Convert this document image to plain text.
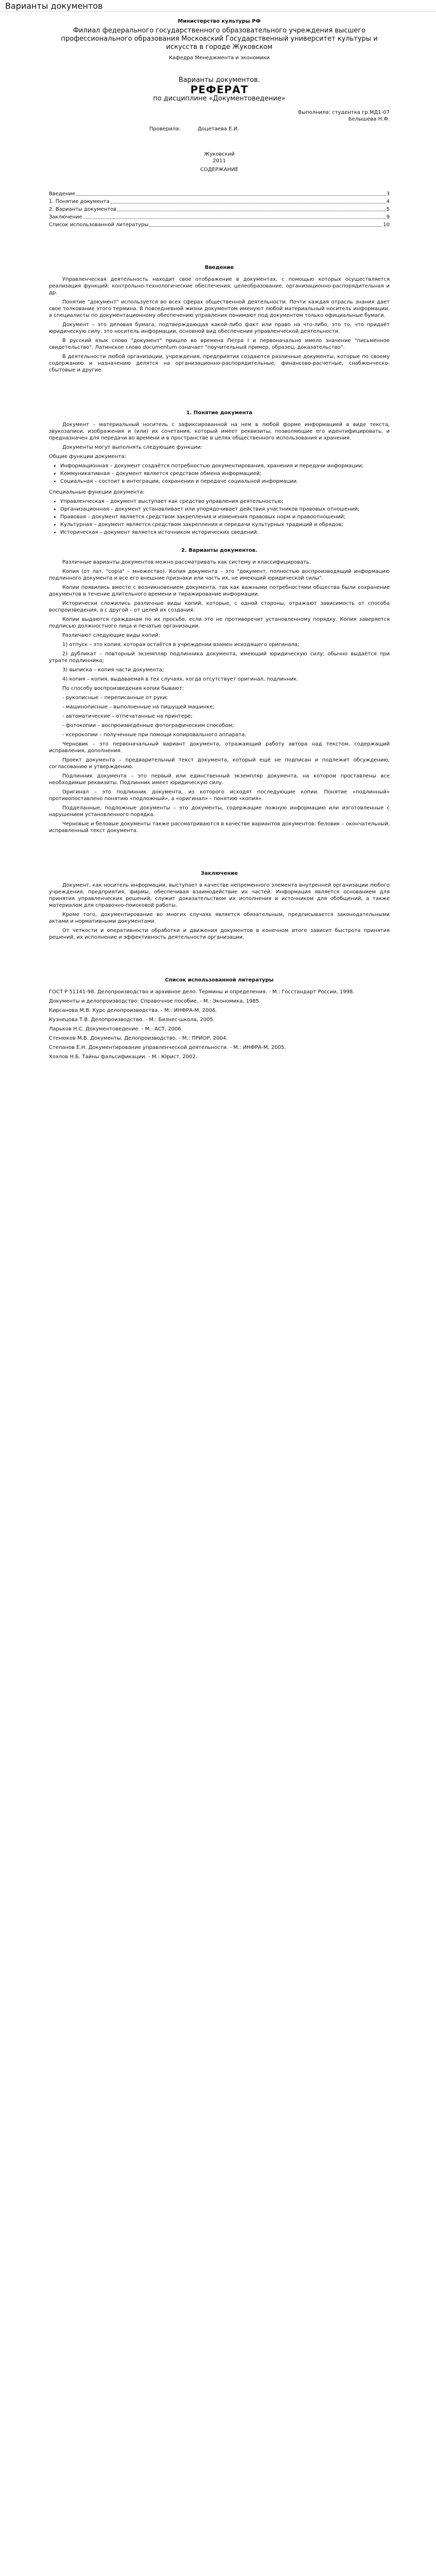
Варианты документов
Министерство культуры РФ
Филиал федерального государственного образовательного учреждения высшего профессионального образования Московский Государственный университет культуры и искусств в городе Жуковском
Кафедра Менеджмента и экономики
Варианты документов.
РЕФЕРАТ
по дисциплине «Документоведение»
Выполнила: студентка гр.МД1-07
Белышева Н.Ф.
Проверила:	Доцетаева Е.И.
Жуковский
2011
СОДЕРЖАНИЕ
Введение	3
1. Понятие документа	4
2. Варианты документов	5
Заключение	9
Список использованной литературы	10
Введение

Управленческая деятельность находит свое отображение в документах, с помощью которых осуществляется реализация функций: контрольно-технологические обеспечения, целеобразование, организационно-распорядительная и др.

Понятие "документ" используется во всех сферах общественной деятельности. Почти каждая отрасль знания дает свое толкование этого термина. В повседневной жизни документом именуют любой материальный носитель информации, а специалисты по документационному обеспечению управления понимают под документом только официальные бумаги.

Документ – это деловая бумага, подтверждающая какой-либо факт или право на что-либо, это то, что придаёт юридическую силу, это носитель информации, основной вид обеспечения управленческой деятельности.

В русский язык слово "документ" пришло во времена Петра I и первоначально имело значение "письменное свидетельство". Латинское слово documentum означает "поучительный пример, образец, доказательство".

В деятельности любой организации, учреждения, предприятия создаются различные документы, которые по своему содержанию и назначению делятся на организационно-распорядительные, финансово-расчетные, снабженческо-сбытовые и другие.

1. Понятие документа

Документ – материальный носитель с зафиксированной на нем в любой форме информацией в виде текста, звукозаписи, изображения и (или) их сочетания, который имеет реквизиты, позволяющие его идентифицировать, и предназначен для передачи во времени и в пространстве в целях общественного использования и хранения.

Документы могут выполнять следующие функции:

Общие функции документа:

• Информационная – документ создаётся потребностью документирования, хранения и передачи информации;
• Коммуникативная – документ является средством обмена информацией;
• Социальная – состоит в интеграции, сохранении и передаче социальной информации.

Специальные функции документа:

• Управленческая – документ выступает как средство управления деятельностью;
• Организационная – документ устанавливает или упорядочивает действия участников правовых отношений;
• Правовая – документ является средством закрепления и изменения правовых норм и правоотношений;
• Культурная – документ является средством закрепления и передачи культурных традиций и обрядов;
• Историческая – документ является источником исторических сведений.
2. Варианты документов.

Различные варианты документов можно рассматривать как систему и классифицировать.

Копия (от лат. "copia" – множество). Копия документа – это "документ, полностью воспроизводящий информацию подлинного документа и все его внешние признаки или часть их, не имеющий юридической силы".

Копии появились вместе с возникновением документа, так как важными потребностями общества были сохранение документов в течение длительного времени и тиражирование информации.

Исторически сложились различные виды копий, которые, с одной стороны, отражают зависимость от способа воспроизведения, а с другой – от целей их создания.

Копии выдаются гражданам по их просьбе, если это не противоречит установленному порядку. Копия заверяется подписью должностного лица и печатью организации.

Различают следующие виды копий:

1) отпуск – это копия, которая остаётся в учреждении взамен исходящего оригинала;

2) дубликат – повторный экземпляр подлинника документа, имеющий юридическую силу; обычно выдаётся при утрате подлинника;

3) выписка – копия части документа;

4) копия – копия, выдаваемая в тех случаях, когда отсутствует оригинал, подлинник.

По способу воспроизведения копии бывают:

- рукописные – переписанные от руки;

- машинописные – выполненные на пишущей машинке;

- автоматические – отпечатанные на принтере;

- фотокопии – воспроизведённые фотографическим способом;

- ксерокопии – полученные при помощи копировального аппарата.

Черновик – это первоначальный вариант документа, отражающий работу автора над текстом, содержащий исправления, дополнения.

Проект документа – предварительный текст документа, который ещё не подписан и подлежит обсуждению, согласованию и утверждению.

Подлинник документа – это первый или единственный экземпляр документа, на котором проставлены все необходимые реквизиты. Подлинник имеет юридическую силу.

Оригинал – это подлинник документа, из которого исходят последующие копии. Понятие «подлинный» противопоставлено понятию «подложный», а «оригинал» – понятию «копия».

Подделанные, подложные документы – это документы, содержащие ложную информацию или изготовленные с нарушением установленного порядка.

Черновые и беловые документы также рассматриваются в качестве вариантов документов: беловик – окончательный, исправленный текст документа.

Заключение

Документ, как носитель информации, выступает в качестве непременного элемента внутренней организации любого учреждения, предприятия, фирмы, обеспечивая взаимодействие их частей. Информация является основанием для принятия управленческих решений, служит доказательством их исполнения и источником для обобщений, а также материалом для справочно-поисковой работы.

Кроме того, документирование во многих случаях является обязательным, предписывается законодательными актами и нормативными документами.

От четкости и оперативности обработки и движения документов в конечном итоге зависит быстрота принятия решений, их исполнение и эффективность деятельности организации.

Список использованной литературы

ГОСТ Р 51141-98. Делопроизводство и архивное дело. Термины и определения. - М.: Госстандарт России, 1998.

Документы и делопроизводство: Справочное пособие. - М.: Экономика, 1985.

Кирсанова М.В. Курс делопроизводства. - М.: ИНФРА-М, 2006.

Кузнецова Т.В. Делопроизводство. - М.: Бизнес-школа, 2005.

Ларьков Н.С. Документоведение. - М.: АСТ, 2006.

Стенюков М.В. Документы. Делопроизводство. - М.: ПРИОР, 2004.

Степанов Е.Н. Документирование управленческой деятельности. - М.: ИНФРА-М, 2005.

Хохлов Н.Б. Тайны фальсификации. - М.: Юрист, 2002.
